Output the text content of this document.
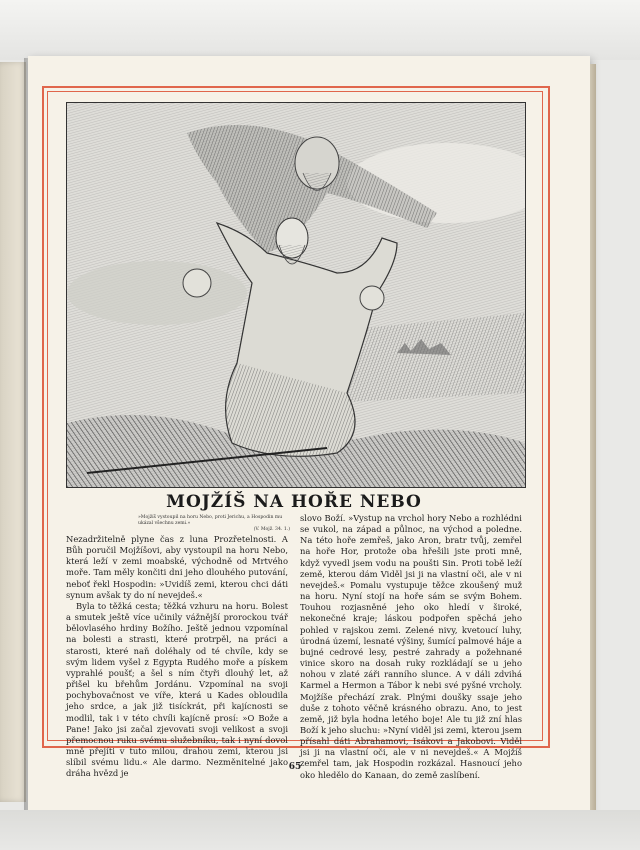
MOJŽÍŠ NA HOŘE NEBO
»Mojžíš vystoupil na horu Nebo, proti Jerichu, a Hospodin mu ukázal všechnu zemi.«
(V. Mojž. 34. 1.)

Nezadržitelně plyne čas z luna Prozřetelnosti. A Bůh poručil Mojžíšovi, aby vystoupil na horu Nebo, která leží v zemi moabské, východně od Mrtvého moře. Tam měly končiti dni jeho dlouhého putování, neboť řekl Hospodin: »Uvidíš zemi, kterou chci dáti synum avšak ty do ní nevejdeš.«

Byla to těžká cesta; těžká vzhuru na horu. Bolest a smutek ještě více učinily vážnější prorockou tvář bělovlasého hrdiny Božího. Ještě jednou vzpomínal na bolesti a strasti, které protrpěl, na práci a starosti, které naň doléhaly od té chvíle, kdy se svým lidem vyšel z Egypta Rudého moře a pískem vyprahlé poušť; a šel s ním čtyři dlouhý let, až přišel ku břehům Jordánu. Vzpomínal na svoji pochybovačnost ve víře, která u Kades obloudila jeho srdce, a jak již tisíckrát, při kajícnosti se modlil, tak i v této chvíli kajícně prosí: »O Bože a Pane! Jako jsi začal zjevovati svoji velikost a svoji přemocnou ruku svému služebníku, tak i nyní dovol mně přejíti v tuto milou, drahou zemi, kterou jsi slíbil svému lidu.« Ale darmo. Nezměnitelné jako dráha hvězd je

slovo Boží. »Vystup na vrchol hory Nebo a rozhlédni se vukol, na západ a půlnoc, na východ a poledne. Na této hoře zemřeš, jako Aron, bratr tvůj, zemřel na hoře Hor, protože oba hřešili jste proti mně, když vyvedl jsem vodu na poušti Sin. Proti tobě leží země, kterou dám Viděl jsi ji na vlastní oči, ale v ni nevejdeš.« Pomalu vystupuje těžce zkoušený muž na horu. Nyní stojí na hoře sám se svým Bohem. Touhou rozjasněné jeho oko hledí v široké, nekonečné kraje; láskou podpořen spěchá jeho pohled v rajskou zemi. Zelené nivy, kvetoucí luhy, úrodná území, lesnaté výšiny, šumící palmové háje a bujné cedrové lesy, pestré zahrady a požehnané vinice skoro na dosah ruky rozkládají se u jeho nohou v zlaté záři ranního slunce. A v dáli zdvihá Karmel a Hermon a Tábor k nebi své pyšné vrcholy. Mojžíše přechází zrak. Plnými doušky ssaje jeho duše z tohoto věčně krásného obrazu. Ano, to jest země, již byla hodna letého boje! Ale tu již zní hlas Boží k jeho sluchu: »Nyní viděl jsi zemi, kterou jsem přísahl dáti Abrahamovi, Isákovi a Jakobovi. Viděl jsi ji na vlastní oči, ale v ni nevejdeš.« A Mojžíš zemřel tam, jak Hospodin rozkázal. Hasnoucí jeho oko hledělo do Kanaan, do země zaslíbení.

65
